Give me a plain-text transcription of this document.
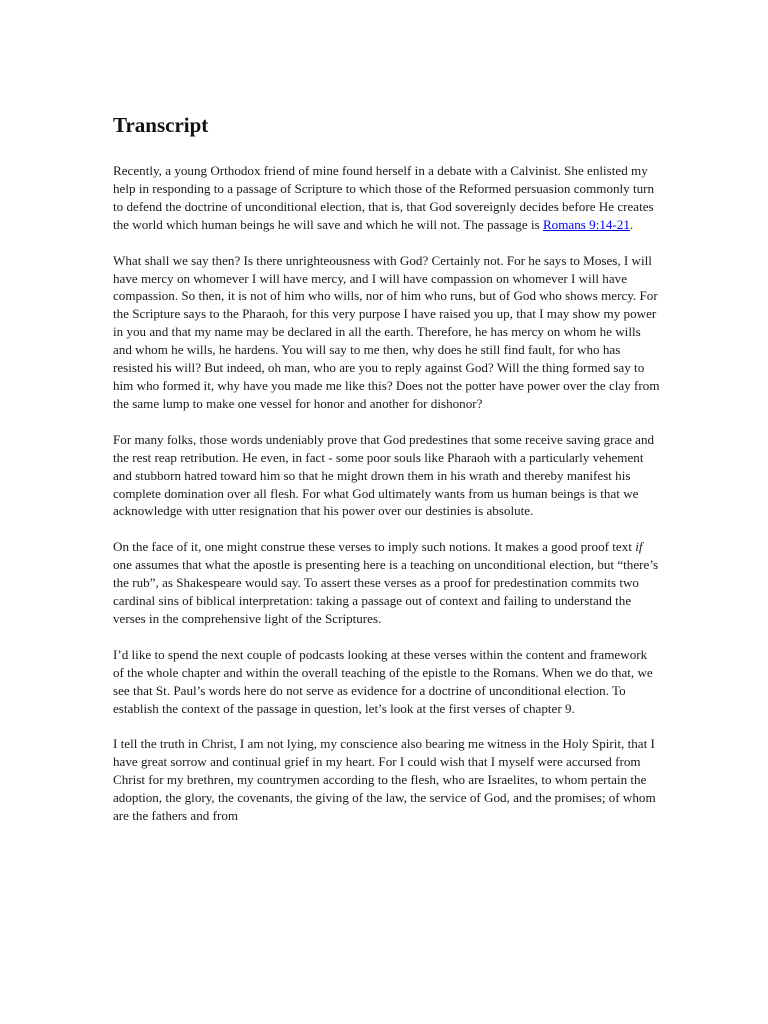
Transcript

Recently, a young Orthodox friend of mine found herself in a debate with a Calvinist. She enlisted my help in responding to a passage of Scripture to which those of the Reformed persuasion commonly turn to defend the doctrine of unconditional election, that is, that God sovereignly decides before He creates the world which human beings he will save and which he will not. The passage is Romans 9:14-21.

What shall we say then? Is there unrighteousness with God? Certainly not. For he says to Moses, I will have mercy on whomever I will have mercy, and I will have compassion on whomever I will have compassion. So then, it is not of him who wills, nor of him who runs, but of God who shows mercy. For the Scripture says to the Pharaoh, for this very purpose I have raised you up, that I may show my power in you and that my name may be declared in all the earth. Therefore, he has mercy on whom he wills and whom he wills, he hardens. You will say to me then, why does he still find fault, for who has resisted his will? But indeed, oh man, who are you to reply against God? Will the thing formed say to him who formed it, why have you made me like this? Does not the potter have power over the clay from the same lump to make one vessel for honor and another for dishonor?

For many folks, those words undeniably prove that God predestines that some receive saving grace and the rest reap retribution. He even, in fact - some poor souls like Pharaoh with a particularly vehement and stubborn hatred toward him so that he might drown them in his wrath and thereby manifest his complete domination over all flesh. For what God ultimately wants from us human beings is that we acknowledge with utter resignation that his power over our destinies is absolute.

On the face of it, one might construe these verses to imply such notions. It makes a good proof text if one assumes that what the apostle is presenting here is a teaching on unconditional election, but “there’s the rub”, as Shakespeare would say. To assert these verses as a proof for predestination commits two cardinal sins of biblical interpretation: taking a passage out of context and failing to understand the verses in the comprehensive light of the Scriptures.

I’d like to spend the next couple of podcasts looking at these verses within the content and framework of the whole chapter and within the overall teaching of the epistle to the Romans. When we do that, we see that St. Paul’s words here do not serve as evidence for a doctrine of unconditional election. To establish the context of the passage in question, let’s look at the first verses of chapter 9.

I tell the truth in Christ, I am not lying, my conscience also bearing me witness in the Holy Spirit, that I have great sorrow and continual grief in my heart. For I could wish that I myself were accursed from Christ for my brethren, my countrymen according to the flesh, who are Israelites, to whom pertain the adoption, the glory, the covenants, the giving of the law, the service of God, and the promises; of whom are the fathers and from
